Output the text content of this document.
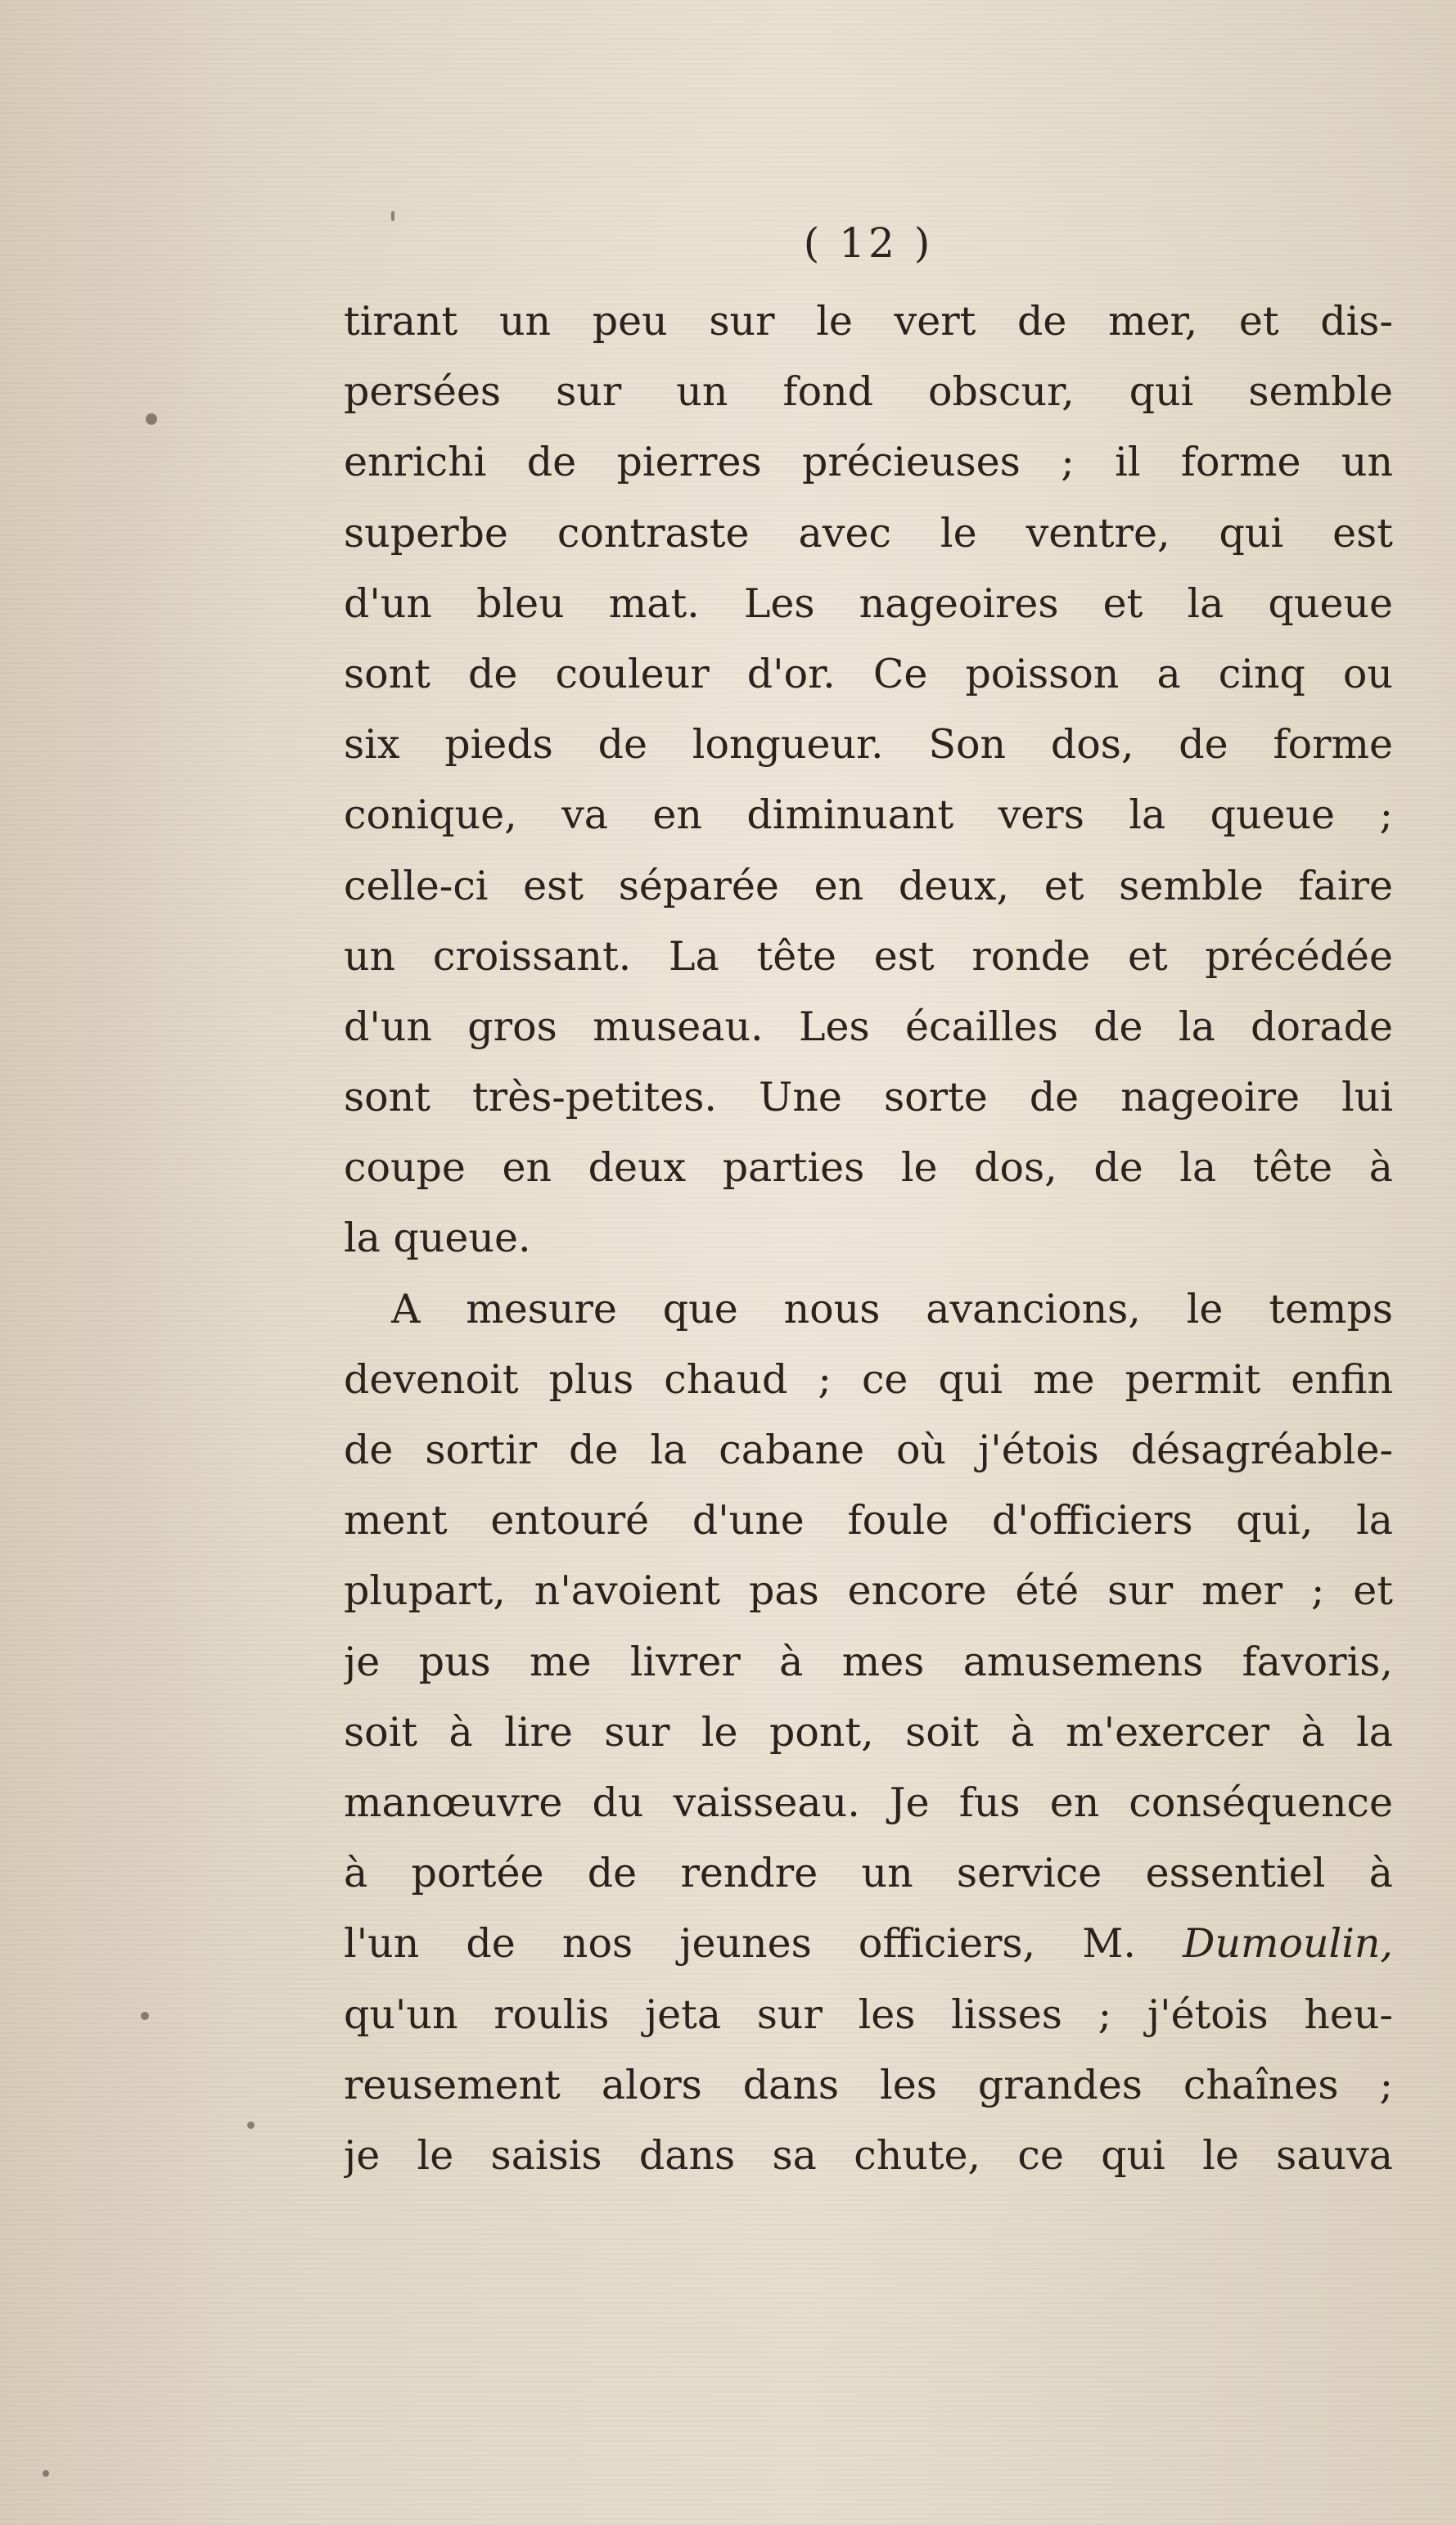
( 12 )
tirant un peu sur le vert de mer, et dis-
persées sur un fond obscur, qui semble
enrichi de pierres précieuses ; il forme un
superbe contraste avec le ventre, qui est
d'un bleu mat. Les nageoires et la queue
sont de couleur d'or. Ce poisson a cinq ou
six pieds de longueur. Son dos, de forme
conique, va en diminuant vers la queue ;
celle-ci est séparée en deux, et semble faire
un croissant. La tête est ronde et précédée
d'un gros museau. Les écailles de la dorade
sont très-petites. Une sorte de nageoire lui
coupe en deux parties le dos, de la tête à
la queue.
A mesure que nous avancions, le temps
devenoit plus chaud ; ce qui me permit enfin
de sortir de la cabane où j'étois désagréable-
ment entouré d'une foule d'officiers qui, la
plupart, n'avoient pas encore été sur mer ; et
je pus me livrer à mes amusemens favoris,
soit à lire sur le pont, soit à m'exercer à la
manœuvre du vaisseau. Je fus en conséquence
à portée de rendre un service essentiel à
l'un de nos jeunes officiers, M. Dumoulin,
qu'un roulis jeta sur les lisses ; j'étois heu-
reusement alors dans les grandes chaînes ;
je le saisis dans sa chute, ce qui le sauva
